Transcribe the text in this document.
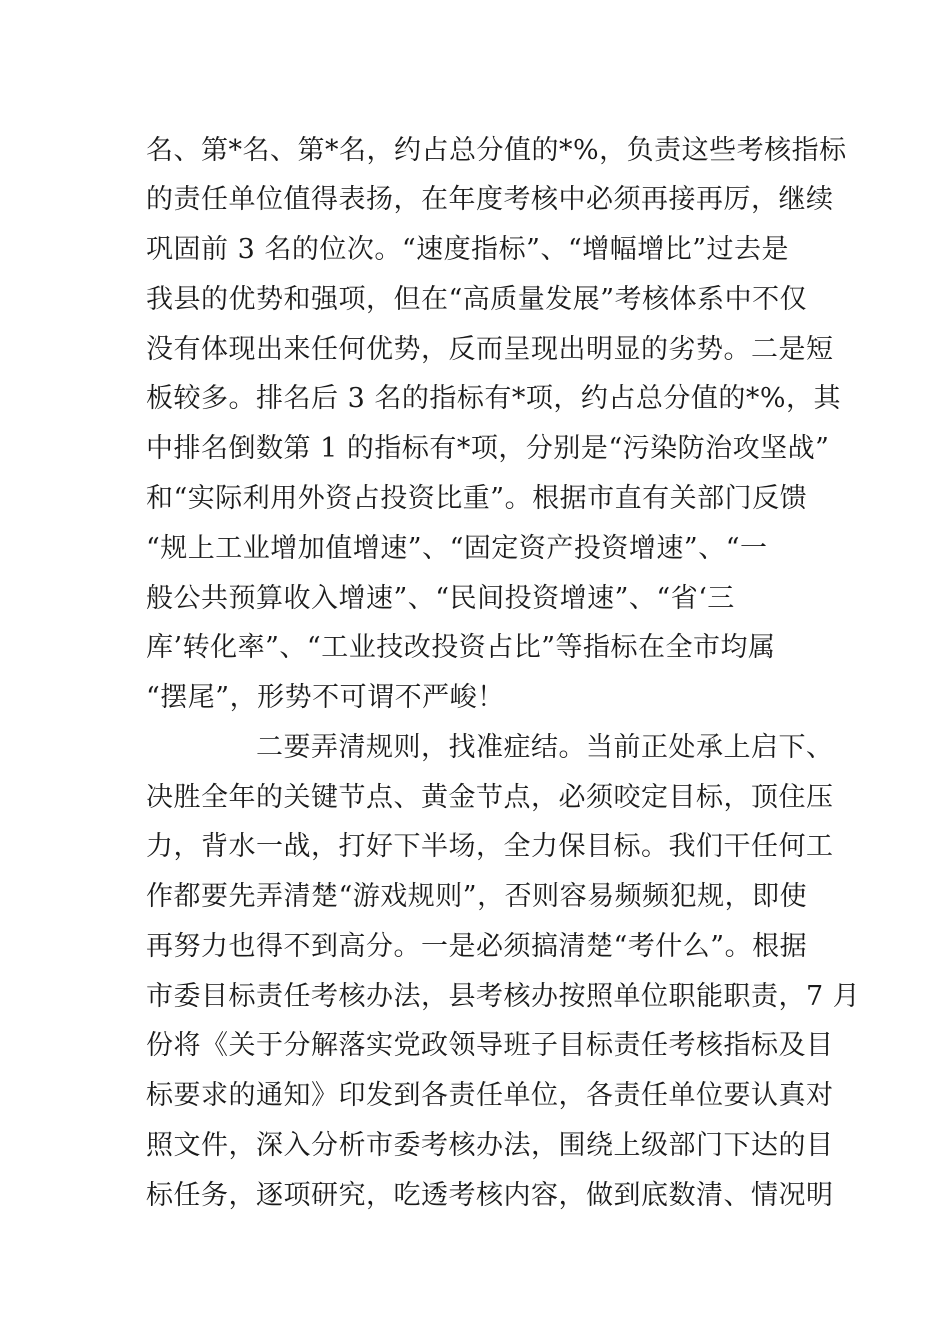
名、第*名、第*名，约占总分值的*%，负责这些考核指标
的责任单位值得表扬，在年度考核中必须再接再厉，继续
巩固前 3 名的位次。“速度指标”、“增幅增比”过去是
我县的优势和强项，但在“高质量发展”考核体系中不仅
没有体现出来任何优势，反而呈现出明显的劣势。二是短
板较多。排名后 3 名的指标有*项，约占总分值的*%，其
中排名倒数第 1 的指标有*项，分别是“污染防治攻坚战”
和“实际利用外资占投资比重”。根据市直有关部门反馈
“规上工业增加值增速”、“固定资产投资增速”、“一
般公共预算收入增速”、“民间投资增速”、“省‘三
库’转化率”、“工业技改投资占比”等指标在全市均属
“摆尾”，形势不可谓不严峻！
二要弄清规则，找准症结。当前正处承上启下、
决胜全年的关键节点、黄金节点，必须咬定目标，顶住压
力，背水一战，打好下半场，全力保目标。我们干任何工
作都要先弄清楚“游戏规则”，否则容易频频犯规，即使
再努力也得不到高分。一是必须搞清楚“考什么”。根据
市委目标责任考核办法，县考核办按照单位职能职责，7 月
份将《关于分解落实党政领导班子目标责任考核指标及目
标要求的通知》印发到各责任单位，各责任单位要认真对
照文件，深入分析市委考核办法，围绕上级部门下达的目
标任务，逐项研究，吃透考核内容，做到底数清、情况明
